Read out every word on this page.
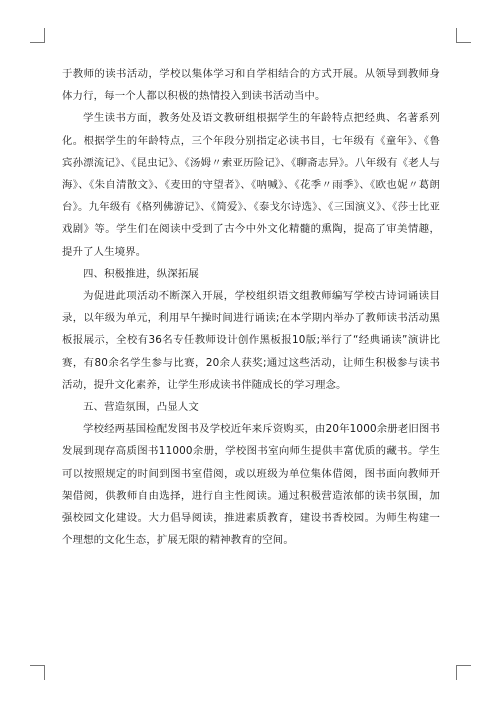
于教师的读书活动，学校以集体学习和自学相结合的方式开展。从领导到教师身体力行，每一个人都以积极的热情投入到读书活动当中。

学生读书方面，教务处及语文教研组根据学生的年龄特点把经典、名著系列化。根据学生的年龄特点，三个年段分别指定必读书目，七年级有《童年》、《鲁宾孙漂流记》、《昆虫记》、《汤姆〃索亚历险记》、《聊斋志异》。八年级有《老人与海》、《朱自清散文》、《麦田的守望者》、《呐喊》、《花季〃雨季》、《欧也妮〃葛朗台》。九年级有《格列佛游记》、《简爱》、《泰戈尔诗选》、《三国演义》、《莎士比亚戏剧》等。学生们在阅读中受到了古今中外文化精髓的熏陶，提高了审美情趣，提升了人生境界。

四、积极推进，纵深拓展

为促进此项活动不断深入开展，学校组织语文组教师编写学校古诗词诵读目录，以年级为单元，利用早午操时间进行诵读;在本学期内举办了教师读书活动黑板报展示，全校有36名专任教师设计创作黑板报10版;举行了“经典诵读”演讲比赛，有80余名学生参与比赛，20余人获奖;通过这些活动，让师生积极参与读书活动，提升文化素养，让学生形成读书伴随成长的学习理念。

五、营造氛围，凸显人文

学校经两基国检配发图书及学校近年来斥资购买，由20年1000余册老旧图书发展到现存高质图书11000余册，学校图书室向师生提供丰富优质的藏书。学生可以按照规定的时间到图书室借阅，或以班级为单位集体借阅，图书面向教师开架借阅，供教师自由选择，进行自主性阅读。通过积极营造浓郁的读书氛围，加强校园文化建设。大力倡导阅读，推进素质教育，建设书香校园。为师生构建一个理想的文化生态，扩展无限的精神教育的空间。
